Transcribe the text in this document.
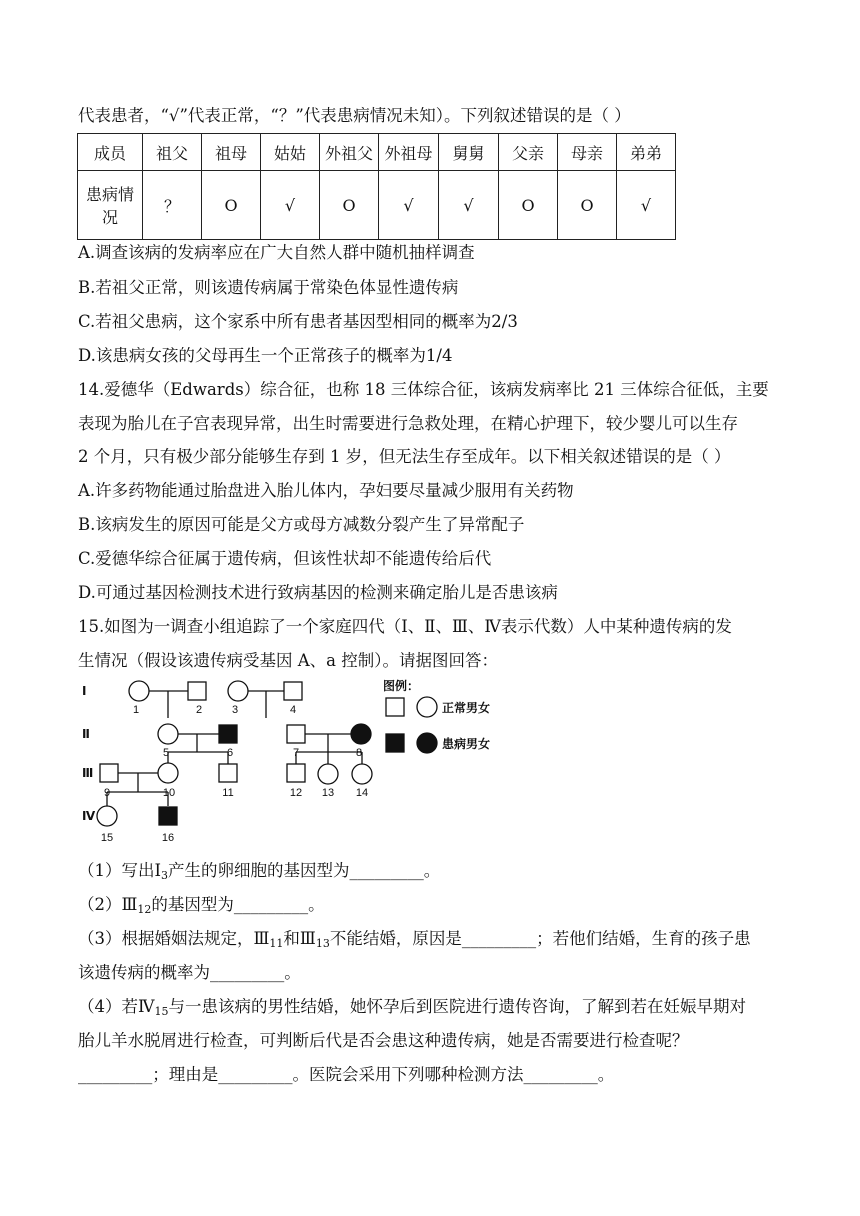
代表患者，“√”代表正常，“？”代表患病情况未知）。下列叙述错误的是（ ）
成员	祖父	祖母	姑姑	外祖父	外祖母	舅舅	父亲	母亲	弟弟
患病情
况	？	O	√	O	√	√	O	O	√
A.调查该病的发病率应在广大自然人群中随机抽样调查
B.若祖父正常，则该遗传病属于常染色体显性遗传病
C.若祖父患病，这个家系中所有患者基因型相同的概率为2/3
D.该患病女孩的父母再生一个正常孩子的概率为1/4
14.爱德华（Edwards）综合征，也称 18 三体综合征，该病发病率比 21 三体综合征低，主要
表现为胎儿在子宫表现异常，出生时需要进行急救处理，在精心护理下，较少婴儿可以生存
2 个月，只有极少部分能够生存到 1 岁，但无法生存至成年。以下相关叙述错误的是（ ）
A.许多药物能通过胎盘进入胎儿体内，孕妇要尽量减少服用有关药物
B.该病发生的原因可能是父方或母方减数分裂产生了异常配子
C.爱德华综合征属于遗传病，但该性状却不能遗传给后代
D.可通过基因检测技术进行致病基因的检测来确定胎儿是否患该病
15.如图为一调查小组追踪了一个家庭四代（Ⅰ、Ⅱ、Ⅲ、Ⅳ表示代数）人中某种遗传病的发
生情况（假设该遗传病受基因 A、a 控制）。请据图回答：
Ⅰ
Ⅱ
Ⅲ
Ⅳ
1	2	3	4
5	6	7	8
9	10	11	12 13 14
15	16
图例：
正常男女
患病男女
（1）写出$Ⅰ_3$产生的卵细胞的基因型为_________。
$(2)Ⅲ_{12}$的基因型为_________。
（3）根据婚姻法规定，$Ⅲ_{11}$和$Ⅲ_{13}$不能结婚，原因是_________；若他们结婚，生育的孩子患
该遗传病的概率为_________。
（4）若$Ⅳ_{15}$与一患该病的男性结婚，她怀孕后到医院进行遗传咨询，了解到若在妊娠早期对
胎儿羊水脱屑进行检查，可判断后代是否会患这种遗传病，她是否需要进行检查呢？
_________；理由是_________。医院会采用下列哪种检测方法_________。
